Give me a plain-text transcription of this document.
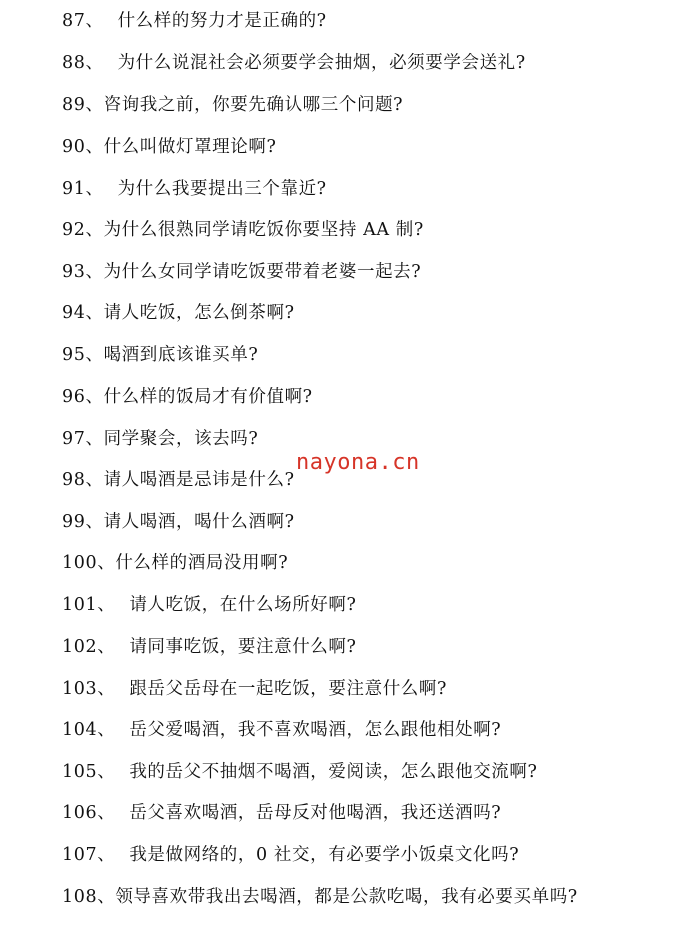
87、 什么样的努力才是正确的?
88、 为什么说混社会必须要学会抽烟，必须要学会送礼?
89、咨询我之前，你要先确认哪三个问题?
90、什么叫做灯罩理论啊?
91、 为什么我要提出三个靠近?
92、为什么很熟同学请吃饭你要坚持 AA 制?
93、为什么女同学请吃饭要带着老婆一起去?
94、请人吃饭，怎么倒茶啊?
95、喝酒到底该谁买单?
96、什么样的饭局才有价值啊?
97、同学聚会，该去吗?
98、请人喝酒是忌讳是什么?
99、请人喝酒，喝什么酒啊?
100、什么样的酒局没用啊?
101、 请人吃饭，在什么场所好啊?
102、 请同事吃饭，要注意什么啊?
103、 跟岳父岳母在一起吃饭，要注意什么啊?
104、 岳父爱喝酒，我不喜欢喝酒，怎么跟他相处啊?
105、 我的岳父不抽烟不喝酒，爱阅读，怎么跟他交流啊?
106、 岳父喜欢喝酒，岳母反对他喝酒，我还送酒吗?
107、 我是做网络的，0 社交，有必要学小饭桌文化吗?
108、领导喜欢带我出去喝酒，都是公款吃喝，我有必要买单吗?
nayona.cn
